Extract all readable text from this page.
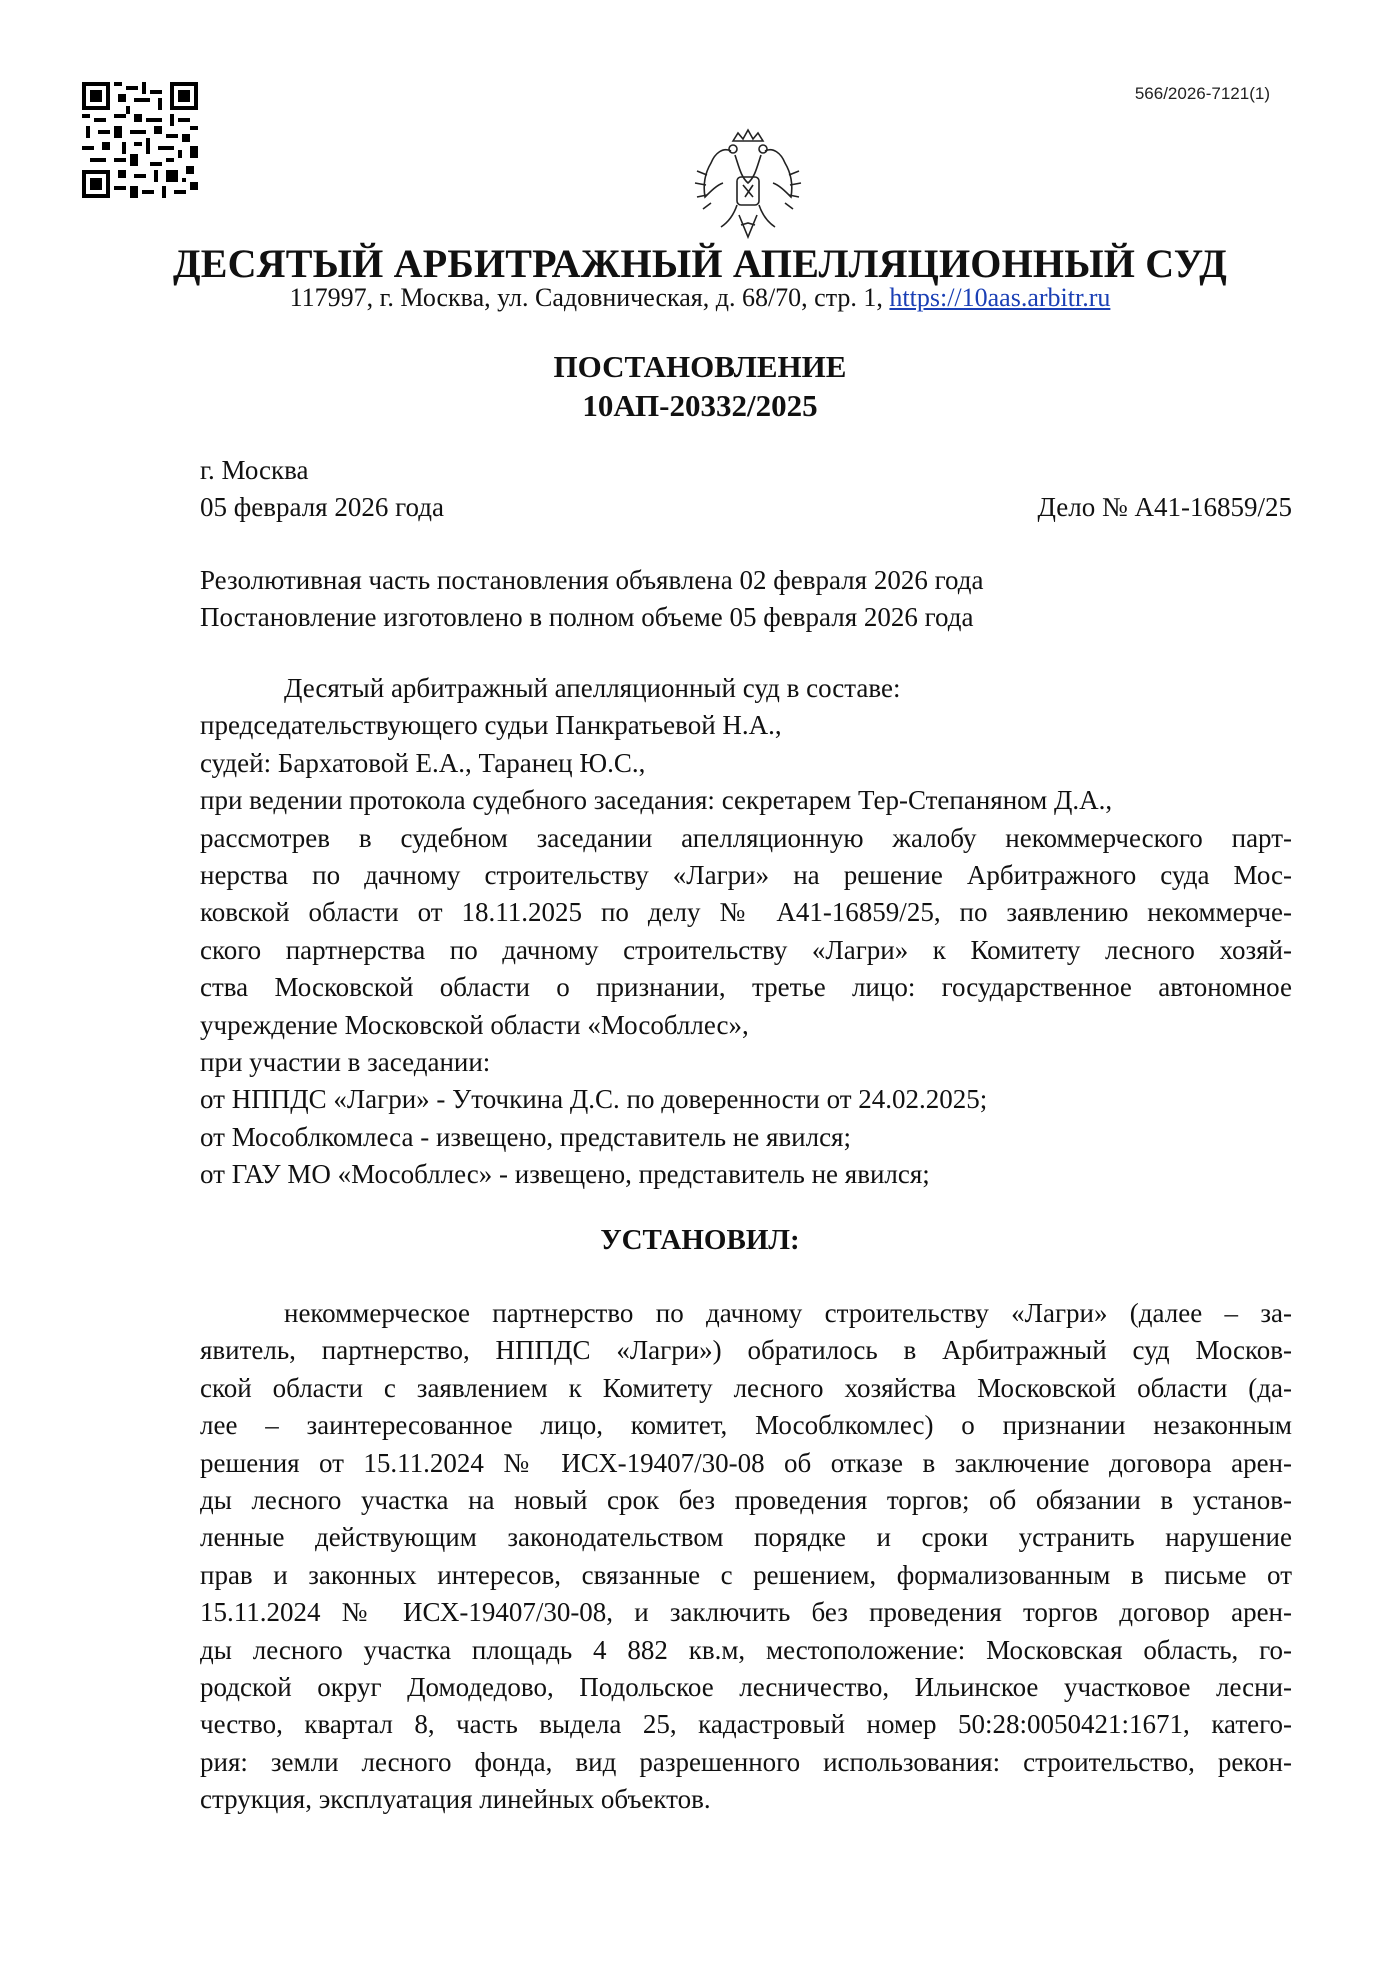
566/2026-7121(1)
ДЕСЯТЫЙ АРБИТРАЖНЫЙ АПЕЛЛЯЦИОННЫЙ СУД
117997, г. Москва, ул. Садовническая, д. 68/70, стр. 1, https://10aas.arbitr.ru
ПОСТАНОВЛЕНИЕ
10АП-20332/2025
г. Москва
05 февраля 2026 года	Дело № А41-16859/25
Резолютивная часть постановления объявлена 02 февраля 2026 года
Постановление изготовлено в полном объеме 05 февраля 2026 года

Десятый арбитражный апелляционный суд в составе:

председательствующего судьи Панкратьевой Н.А.,

судей: Бархатовой Е.А., Таранец Ю.С.,

при ведении протокола судебного заседания: секретарем Тер-Степаняном Д.А.,

рассмотрев в судебном заседании апелляционную жалобу некоммерческого парт-

нерства по дачному строительству «Лагри» на решение Арбитражного суда Мос-

ковской области от 18.11.2025 по делу № А41-16859/25, по заявлению некоммерче-

ского партнерства по дачному строительству «Лагри» к Комитету лесного хозяй-

ства Московской области о признании, третье лицо: государственное автономное

учреждение Московской области «Мособллес»,

при участии в заседании:

от НППДС «Лагри» - Уточкина Д.С. по доверенности от 24.02.2025;

от Мособлкомлеса - извещено, представитель не явился;

от ГАУ МО «Мособллес» - извещено, представитель не явился;

УСТАНОВИЛ:

некоммерческое партнерство по дачному строительству «Лагри» (далее – за-

явитель, партнерство, НППДС «Лагри») обратилось в Арбитражный суд Москов-

ской области с заявлением к Комитету лесного хозяйства Московской области (да-

лее – заинтересованное лицо, комитет, Мособлкомлес) о признании незаконным

решения от 15.11.2024 № ИСХ-19407/30-08 об отказе в заключение договора арен-

ды лесного участка на новый срок без проведения торгов; об обязании в установ-

ленные действующим законодательством порядке и сроки устранить нарушение

прав и законных интересов, связанные с решением, формализованным в письме от

15.11.2024 № ИСХ-19407/30-08, и заключить без проведения торгов договор арен-

ды лесного участка площадь 4 882 кв.м, местоположение: Московская область, го-

родской округ Домодедово, Подольское лесничество, Ильинское участковое лесни-

чество, квартал 8, часть выдела 25, кадастровый номер 50:28:0050421:1671, катего-

рия: земли лесного фонда, вид разрешенного использования: строительство, рекон-

струкция, эксплуатация линейных объектов.
